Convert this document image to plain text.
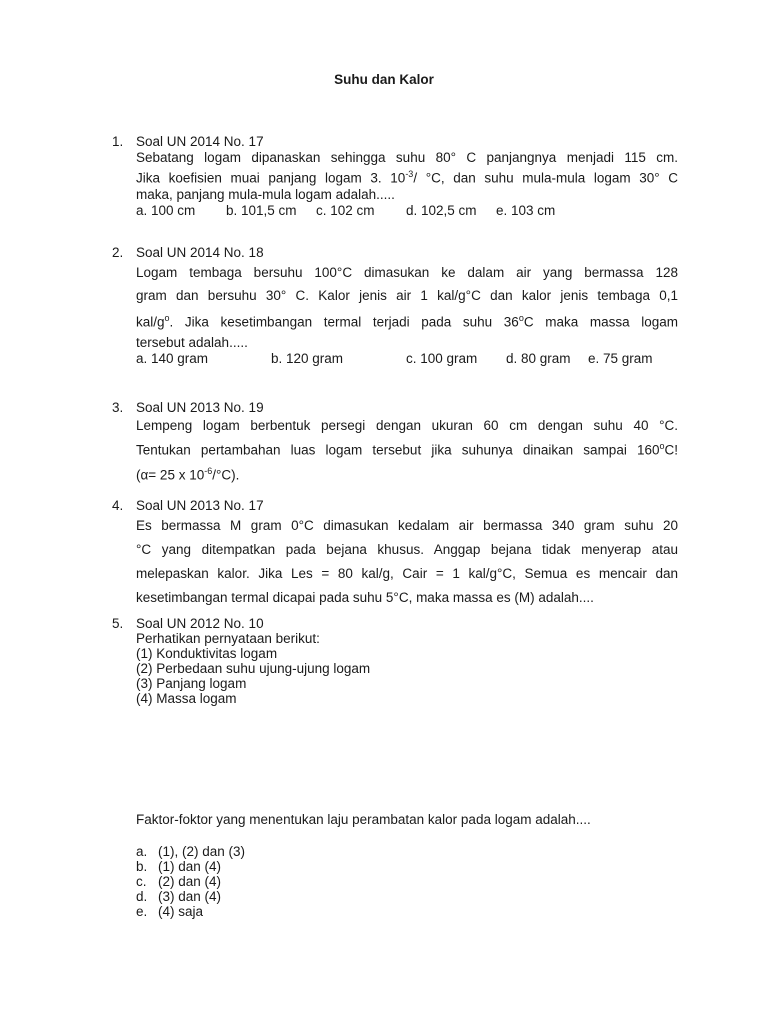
Suhu dan Kalor
1. Soal UN 2014 No. 17
Sebatang logam dipanaskan sehingga suhu 80° C panjangnya menjadi 115 cm.
Jika koefisien muai panjang logam 3. $10^{-3}/$ °C, dan suhu mula-mula logam 30° C
maka, panjang mula-mula logam adalah.....
a. 100 cm	b. 101,5 cm	c. 102 cm	d. 102,5 cm	e. 103 cm
2. Soal UN 2014 No. 18
Logam tembaga bersuhu 100°C dimasukan ke dalam air yang bermassa 128
gram dan bersuhu 30° C. Kalor jenis air 1 kal/g°C dan kalor jenis tembaga 0,1
kal/$g^o$. Jika kesetimbangan termal terjadi pada suhu 36$^o$C maka massa logam
tersebut adalah.....
a. 140 gram	b. 120 gram	c. 100 gram	d. 80 gram	e. 75 gram
3. Soal UN 2013 No. 19
Lempeng logam berbentuk persegi dengan ukuran 60 cm dengan suhu 40 °C.
Tentukan pertambahan luas logam tersebut jika suhunya dinaikan sampai 160$^o$C!
(α= 25 x $10^{-6}/^\circ C$).
4. Soal UN 2013 No. 17
Es bermassa M gram 0°C dimasukan kedalam air bermassa 340 gram suhu 20
°C yang ditempatkan pada bejana khusus. Anggap bejana tidak menyerap atau
melepaskan kalor. Jika Les = 80 kal/g, Cair = 1 kal/g°C, Semua es mencair dan
kesetimbangan termal dicapai pada suhu 5°C, maka massa es (M) adalah....
5. Soal UN 2012 No. 10
Perhatikan pernyataan berikut:
(1) Konduktivitas logam
(2) Perbedaan suhu ujung-ujung logam
(3) Panjang logam
(4) Massa logam
Faktor-foktor yang menentukan laju perambatan kalor pada logam adalah....
a. (1), (2) dan (3)
b. (1) dan (4)
c. (2) dan (4)
d. (3) dan (4)
e. (4) saja
